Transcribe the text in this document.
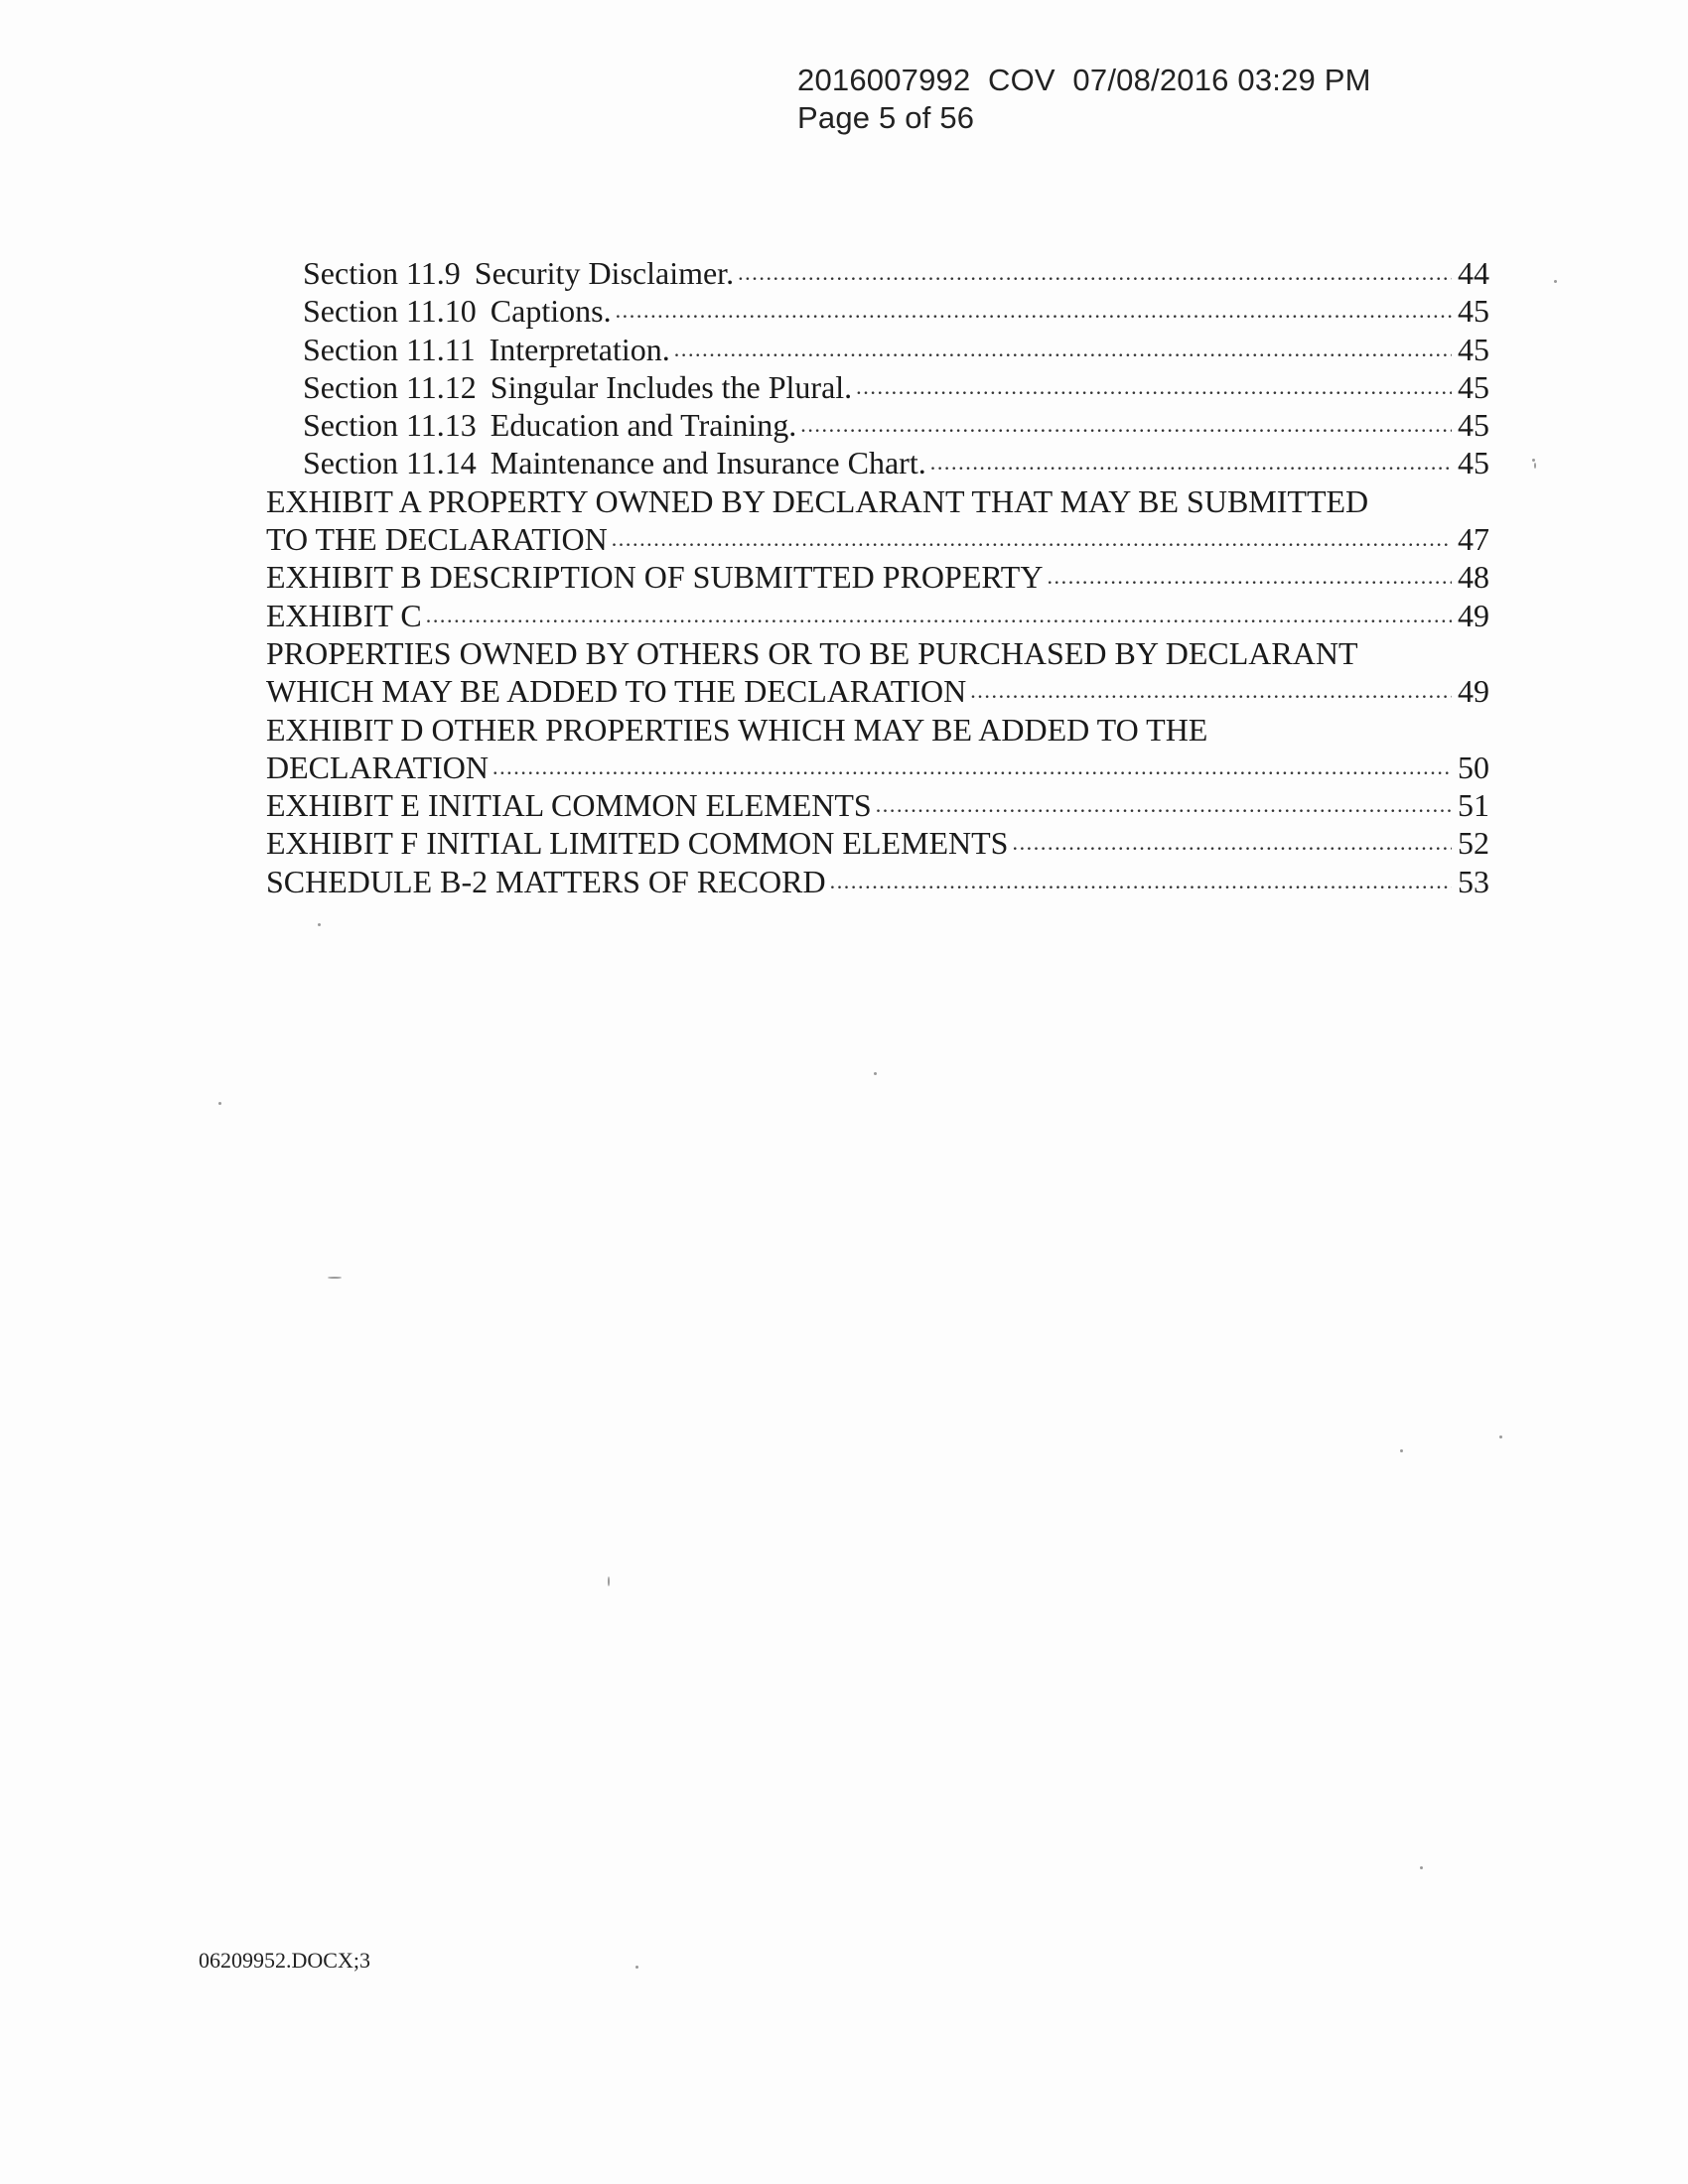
2016007992  COV  07/08/2016 03:29 PM
Page 5 of 56
Section 11.9 Security Disclaimer. .....	44
Section 11.10 Captions. .....	45
Section 11.11 Interpretation. .....	45
Section 11.12 Singular Includes the Plural. .....	45
Section 11.13 Education and Training. .....	45
Section 11.14 Maintenance and Insurance Chart. .....	45
EXHIBIT A PROPERTY OWNED BY DECLARANT THAT MAY BE SUBMITTED
TO THE DECLARATION .....	47
EXHIBIT B DESCRIPTION OF SUBMITTED PROPERTY .....	48
EXHIBIT C .....	49
PROPERTIES OWNED BY OTHERS OR TO BE PURCHASED BY DECLARANT
WHICH MAY BE ADDED TO THE DECLARATION .....	49
EXHIBIT D OTHER PROPERTIES WHICH MAY BE ADDED TO THE
DECLARATION .....	50
EXHIBIT E INITIAL COMMON ELEMENTS .....	51
EXHIBIT F INITIAL LIMITED COMMON ELEMENTS .....	52
SCHEDULE B-2 MATTERS OF RECORD .....	53
06209952.DOCX;3
